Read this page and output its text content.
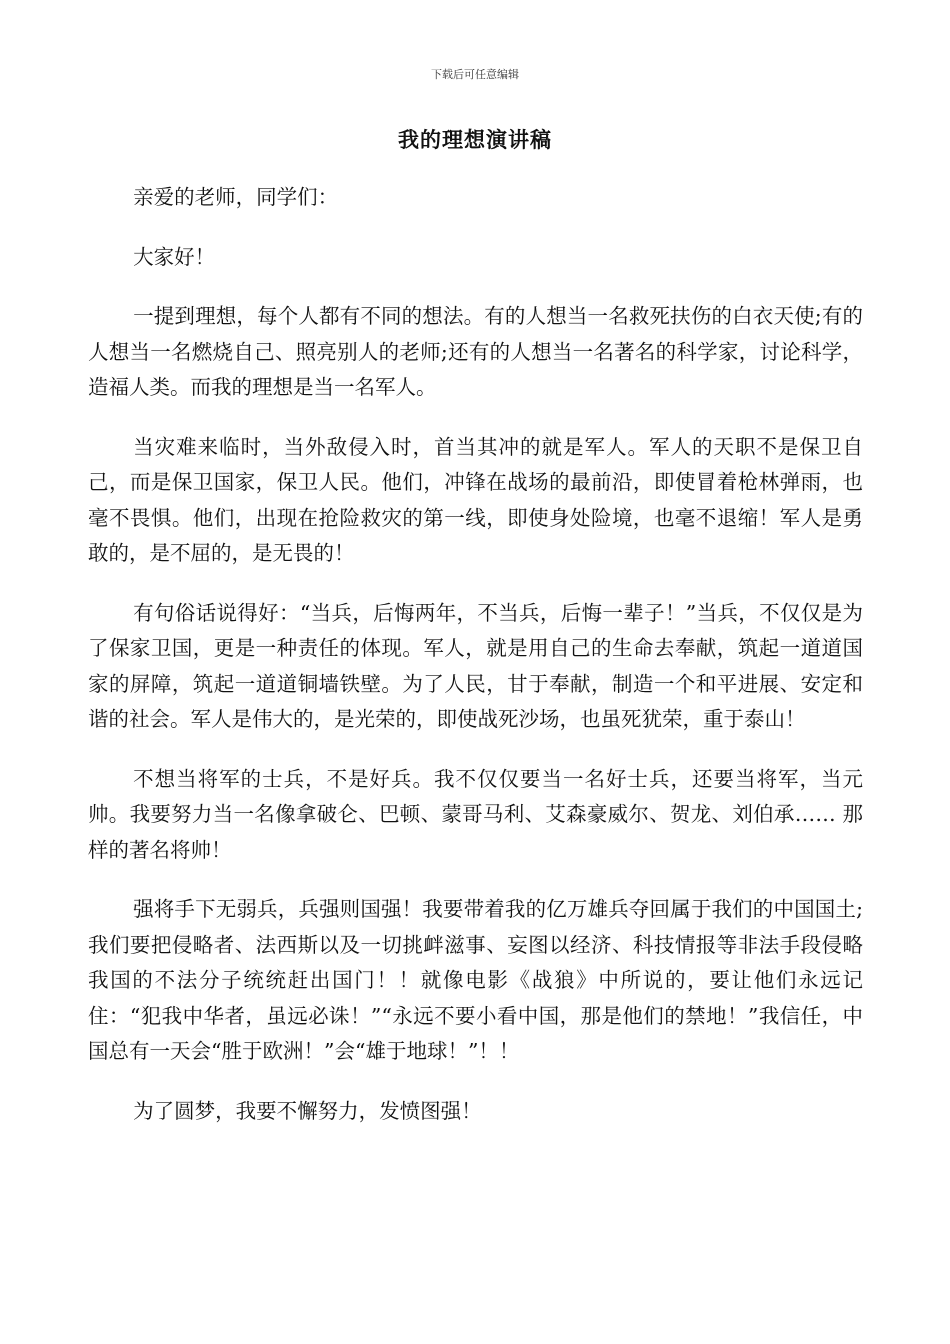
下载后可任意编辑
我的理想演讲稿

亲爱的老师，同学们：

大家好！

一提到理想，每个人都有不同的想法。有的人想当一名救死扶伤的白衣天使;有的人想当一名燃烧自己、照亮别人的老师;还有的人想当一名著名的科学家，讨论科学，造福人类。而我的理想是当一名军人。

当灾难来临时，当外敌侵入时，首当其冲的就是军人。军人的天职不是保卫自己，而是保卫国家，保卫人民。他们，冲锋在战场的最前沿，即使冒着枪林弹雨，也毫不畏惧。他们，出现在抢险救灾的第一线，即使身处险境，也毫不退缩！军人是勇敢的，是不屈的，是无畏的！

有句俗话说得好：“当兵，后悔两年，不当兵，后悔一辈子！”当兵，不仅仅是为了保家卫国，更是一种责任的体现。军人，就是用自己的生命去奉献，筑起一道道国家的屏障，筑起一道道铜墙铁壁。为了人民，甘于奉献，制造一个和平进展、安定和谐的社会。军人是伟大的，是光荣的，即使战死沙场，也虽死犹荣，重于泰山！

不想当将军的士兵，不是好兵。我不仅仅要当一名好士兵，还要当将军，当元帅。我要努力当一名像拿破仑、巴顿、蒙哥马利、艾森豪威尔、贺龙、刘伯承…… 那样的著名将帅！

强将手下无弱兵，兵强则国强！我要带着我的亿万雄兵夺回属于我们的中国国土;我们要把侵略者、法西斯以及一切挑衅滋事、妄图以经济、科技情报等非法手段侵略我国的不法分子统统赶出国门！！就像电影《战狼》中所说的，要让他们永远记住：“犯我中华者，虽远必诛！”“永远不要小看中国，那是他们的禁地！”我信任，中国总有一天会“胜于欧洲！”会“雄于地球！”！！

为了圆梦，我要不懈努力，发愤图强！
